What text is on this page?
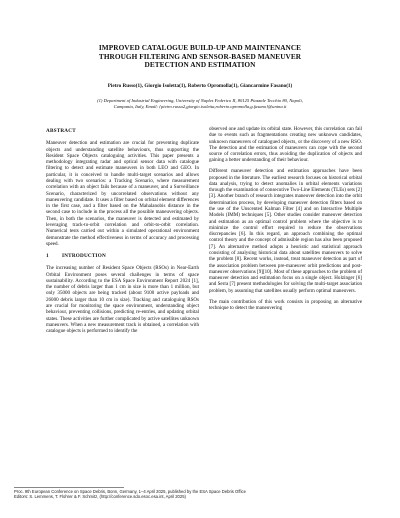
IMPROVED CATALOGUE BUILD-UP AND MAINTENANCE
THROUGH FILTERING AND SENSOR-BASED MANEUVER
DETECTION AND ESTIMATION
Pietro Russo(1), Giorgio Isoletta(1), Roberto Opromolla(1), Giancarmine Fasano(1)
(1) Department of Industrial Engineering, University of Naples Federico II, 80125 Piazzale Tecchio 80, Napoli,
Campania, Italy, Email: {pietro.russo2,giorgio.isoletta,roberto.opromolla,g.fasano}@unina.it
ABSTRACT

Maneuver detection and estimation are crucial for preventing duplicate objects and understanding satellite behaviours, thus supporting the Resident Space Objects cataloguing activities. This paper presents a methodology integrating radar and optical sensor data with catalogue filtering to detect and estimate maneuvers in both LEO and GEO. In particular, it is conceived to handle multi-target scenarios and allows dealing with two scenarios: a Tracking Scenario, where measurement correlation with an object fails because of a maneuver, and a Surveillance Scenario, characterized by uncorrelated observations without any maneuvering candidate. It uses a filter based on orbital element differences in the first case, and a filter based on the Mahalanobis distance in the second case to include in the process all the possible maneuvering objects. Then, in both the scenarios, the maneuver is detected and estimated by leveraging track-to-orbit correlation and orbit-to-orbit correlation. Numerical tests carried out within a simulated operational environment demonstrate the method effectiveness in terms of accuracy and processing speed.

1	INTRODUCTION

The increasing number of Resident Space Objects (RSOs) in Near-Earth Orbital Environment poses several challenges in terms of space sustainability. According to the ESA Space Environment Report 2024 [1], the number of debris larger than 1 cm in size is more than 1 million, but only 35000 objects are being tracked (about 9100 active payloads and 26000 debris larger than 10 cm in size). Tracking and cataloguing RSOs are crucial for monitoring the space environment, understanding object behaviour, preventing collisions, predicting re-entries, and updating orbital states. These activities are further complicated by active satellites unknown maneuvers. When a new measurement track is obtained, a correlation with catalogue objects is performed to identify the

observed one and update its orbital state. However, this correlation can fail due to events such as fragmentations creating new unknown candidates, unknown maneuvers of catalogued objects, or the discovery of a new RSO. The detection and the estimation of maneuvers can cope with the second source of correlation errors, thus avoiding the duplication of objects and gaining a better understanding of their behaviour.

Different maneuver detection and estimation approaches have been proposed in the literature. The earliest research focuses on historical orbital data analysis, trying to detect anomalies in orbital elements variations through the examination of consecutive Two-Line Elements (TLEs) sets [2][3]. Another branch of research integrates maneuver detection into the orbit determination process, by developing maneuver detection filters based on the use of the Unscented Kalman Filter [4] and on Interactive Multiple Models (IMM) techniques [5]. Other studies consider maneuver detection and estimation as an optimal control problem where the objective is to minimize the control effort required to reduce the observations discrepancies [6]. In this regard, an approach combining the optimal control theory and the concept of admissible region has also been proposed [7]. An alternative method adopts a heuristic and statistical approach consisting of analysing historical data about satellites maneuvers to solve the problem [8]. Recent works, instead, treat maneuver detection as part of the association problem between pre-maneuver orbit predictions and post-maneuver observations [9][10]. Most of these approaches to the problem of maneuver detection and estimation focus on a single object. Holzinger [6] and Serra [7] present methodologies for solving the multi-target association problem, by assuming that satellites usually perform optimal maneuvers.

The main contribution of this work consists in proposing an alternative technique to detect the maneuvering

Proc. 9th European Conference on Space Debris, Bonn, Germany, 1–4 April 2025, published by the ESA Space Debris Office
Editors: S. Lemmens, T. Flohrer & F. Schmitz, (http://conference.sdo.esoc.esa.int, April 2025)
